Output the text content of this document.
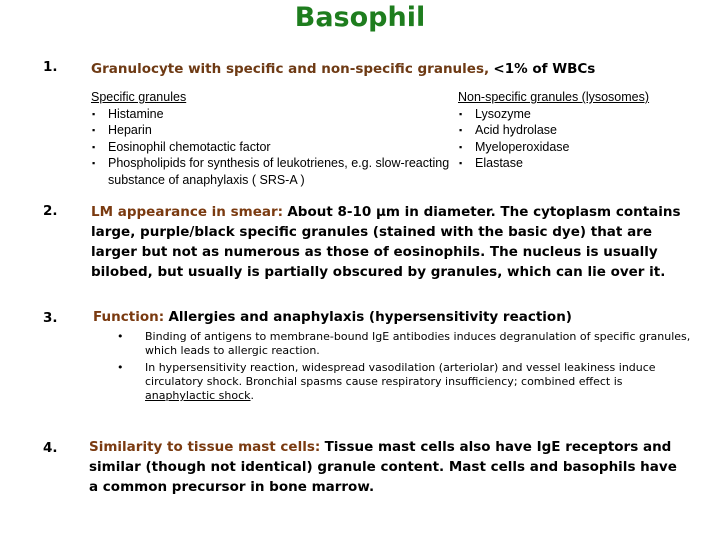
Basophil
1. Granulocyte with specific and non-specific granules, <1% of WBCs
Specific granules
▪ Histamine
▪ Heparin
▪ Eosinophil chemotactic factor
▪ Phospholipids for synthesis of leukotrienes, e.g. slow-reacting substance of anaphylaxis ( SRS-A )
Non-specific granules (lysosomes)
▪ Lysozyme
▪ Acid hydrolase
▪ Myeloperoxidase
▪ Elastase
2. LM appearance in smear: About 8-10 µm in diameter. The cytoplasm contains large, purple/black specific granules (stained with the basic dye) that are larger but not as numerous as those of eosinophils. The nucleus is usually bilobed, but usually is partially obscured by granules, which can lie over it.
3.	Function: Allergies and anaphylaxis (hypersensitivity reaction)
• Binding of antigens to membrane-bound IgE antibodies induces degranulation of specific granules, which leads to allergic reaction.
• In hypersensitivity reaction, widespread vasodilation (arteriolar) and vessel leakiness induce circulatory shock. Bronchial spasms cause respiratory insufficiency; combined effect is anaphylactic shock.
4. Similarity to tissue mast cells: Tissue mast cells also have IgE receptors and similar (though not identical) granule content. Mast cells and basophils have a common precursor in bone marrow.
